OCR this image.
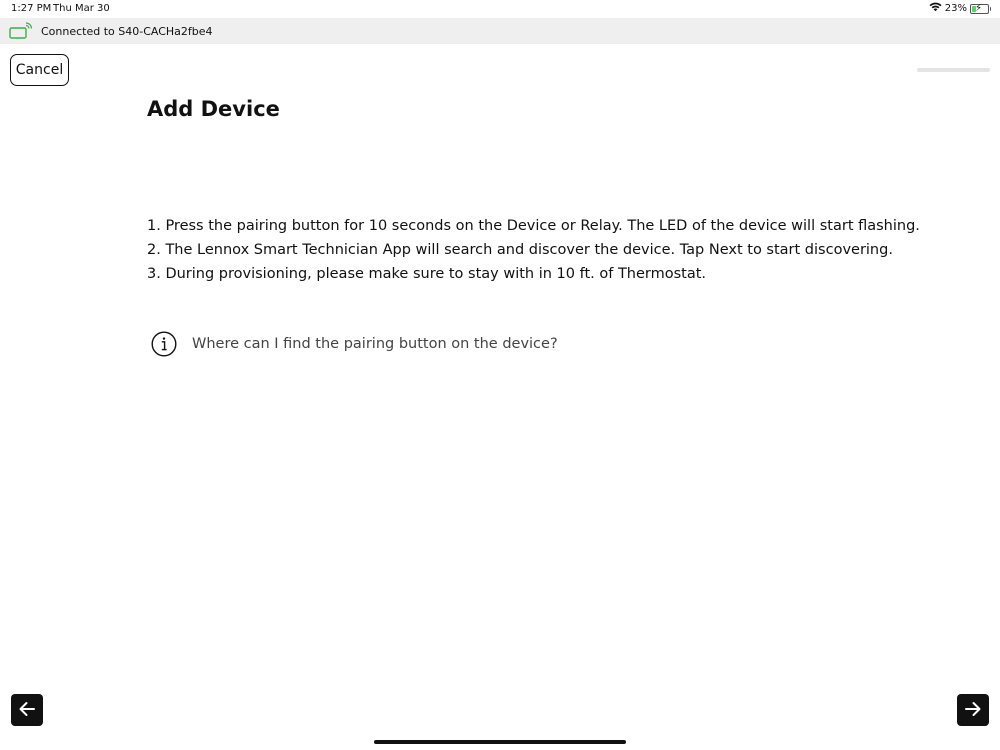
1:27 PM Thu Mar 30	23% ⚡
Connected to S40-CACHa2fbe4
Cancel
Add Device
1. Press the pairing button for 10 seconds on the Device or Relay. The LED of the device will start flashing.
2. The Lennox Smart Technician App will search and discover the device. Tap Next to start discovering.
3. During provisioning, please make sure to stay with in 10 ft. of Thermostat.
Where can I find the pairing button on the device?
